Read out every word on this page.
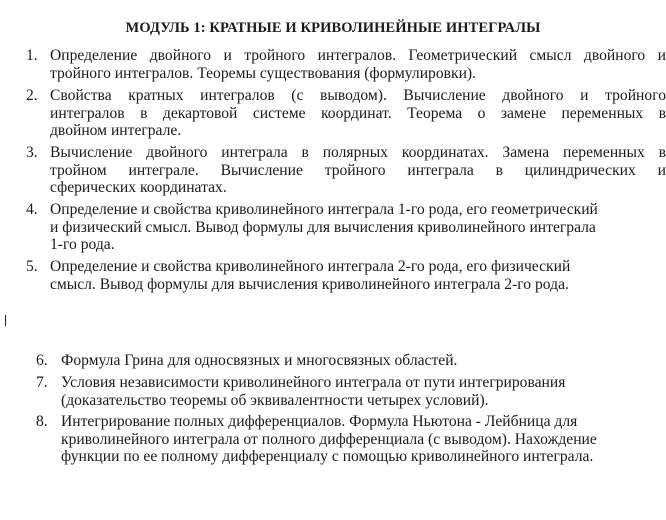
МОДУЛЬ 1: КРАТНЫЕ И КРИВОЛИНЕЙНЫЕ ИНТЕГРАЛЫ
1. Определение двойного и тройного интегралов. Геометрический смысл двойного и
тройного интегралов. Теоремы существования (формулировки).
2. Свойства кратных интегралов (с выводом). Вычисление двойного и тройного
интегралов в декартовой системе координат. Теорема о замене переменных в
двойном интеграле.
3. Вычисление двойного интеграла в полярных координатах. Замена переменных в
тройном интеграле. Вычисление тройного интеграла в цилиндрических и
сферических координатах.
4. Определение и свойства криволинейного интеграла 1-го рода, его геометрический
и физический смысл. Вывод формулы для вычисления криволинейного интеграла
1-го рода.
5. Определение и свойства криволинейного интеграла 2-го рода, его физический
смысл. Вывод формулы для вычисления криволинейного интеграла 2-го рода.
6. Формула Грина для односвязных и многосвязных областей.
7. Условия независимости криволинейного интеграла от пути интегрирования
(доказательство теоремы об эквивалентности четырех условий).
8. Интегрирование полных дифференциалов. Формула Ньютона - Лейбница для
криволинейного интеграла от полного дифференциала (с выводом). Нахождение
функции по ее полному дифференциалу с помощью криволинейного интеграла.
